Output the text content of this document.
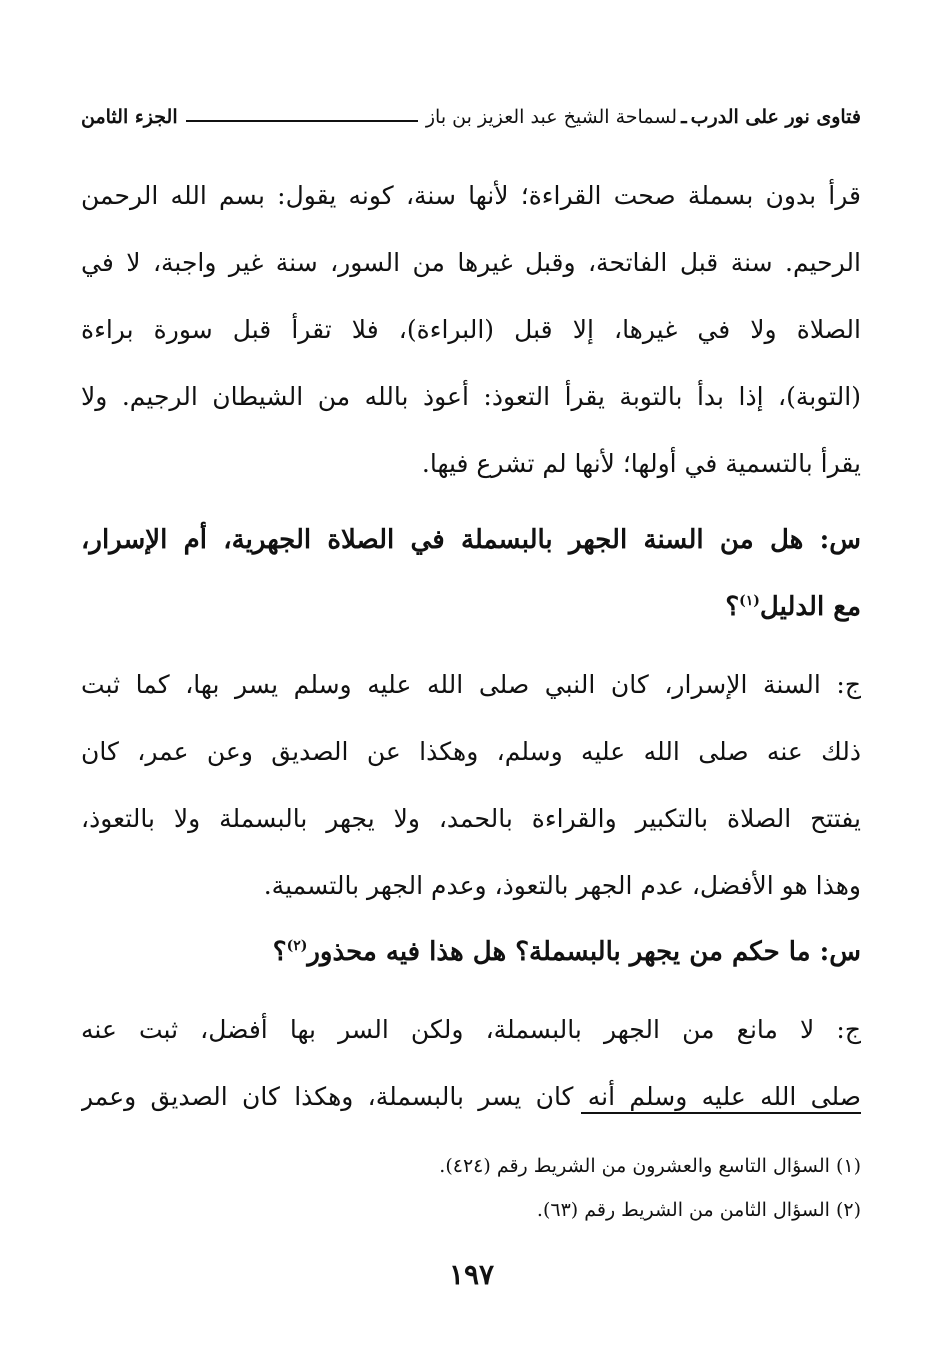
فتاوى نور على الدرب
ـ
لسماحة الشيخ عبد العزيز بن باز
الجزء الثامن
قرأ بدون بسملة صحت القراءة؛ لأنها سنة، كونه يقول: بسم الله الرحمن
الرحيم. سنة قبل الفاتحة، وقبل غيرها من السور، سنة غير واجبة، لا في
الصلاة ولا في غيرها، إلا قبل (البراءة)، فلا تقرأ قبل سورة براءة
(التوبة)، إذا بدأ بالتوبة يقرأ التعوذ: أعوذ بالله من الشيطان الرجيم. ولا
يقرأ بالتسمية في أولها؛ لأنها لم تشرع فيها.
س: هل من السنة الجهر بالبسملة في الصلاة الجهرية، أم الإسرار،
مع الدليل$^{(١)}$؟
ج: السنة الإسرار، كان النبي صلى الله عليه وسلم يسر بها، كما ثبت
ذلك عنه صلى الله عليه وسلم، وهكذا عن الصديق وعن عمر، كان
يفتتح الصلاة بالتكبير والقراءة بالحمد، ولا يجهر بالبسملة ولا بالتعوذ،
وهذا هو الأفضل، عدم الجهر بالتعوذ، وعدم الجهر بالتسمية.
س: ما حكم من يجهر بالبسملة؟ هل هذا فيه محذور$^{(٢)}$؟
ج: لا مانع من الجهر بالبسملة، ولكن السر بها أفضل، ثبت عنه
صلى الله عليه وسلم أنه كان يسر بالبسملة، وهكذا كان الصديق وعمر
(١) السؤال التاسع والعشرون من الشريط رقم (٤٢٤).
(٢) السؤال الثامن من الشريط رقم (٦٣).
١٩٧
